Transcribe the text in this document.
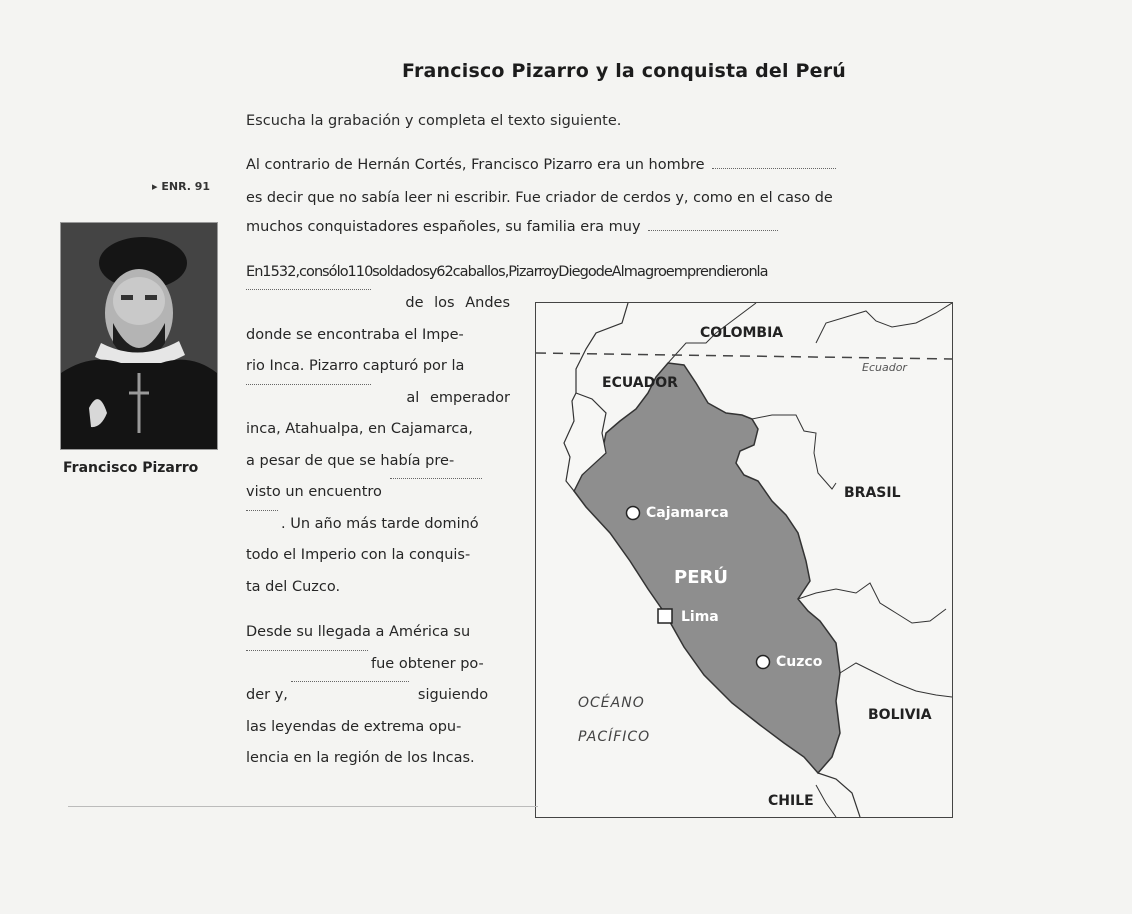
Francisco Pizarro y la conquista del Perú
Escucha la grabación y completa el texto siguiente.
▸ ENR. 91
Al contrario de Hernán Cortés, Francisco Pizarro era un hombre
es decir que no sabía leer ni escribir. Fue criador de cerdos y, como en el caso de
muchos conquistadores españoles, su familia era muy
En 1532, con sólo 110 soldados y 62 caballos, Pizarro y Diego de Almagro emprendieron la
Francisco Pizarro
de los Andes
donde se encontraba el Impe-
rio Inca. Pizarro capturó por la
al emperador
inca, Atahualpa, en Cajamarca,
a pesar de que se había pre-
visto un encuentro
. Un año más tarde dominó
todo el Imperio con la conquis-
ta del Cuzco.
Desde su llegada a América su
fue obtener po-
der y ,	siguiendo
las leyendas de extrema opu-
lencia en la región de los Incas.
COLOMBIA
Ecuador
ECUADOR
BRASIL
Cajamarca
PERÚ
Lima
Cuzco
OCÉANO
PACÍFICO
BOLIVIA
CHILE
